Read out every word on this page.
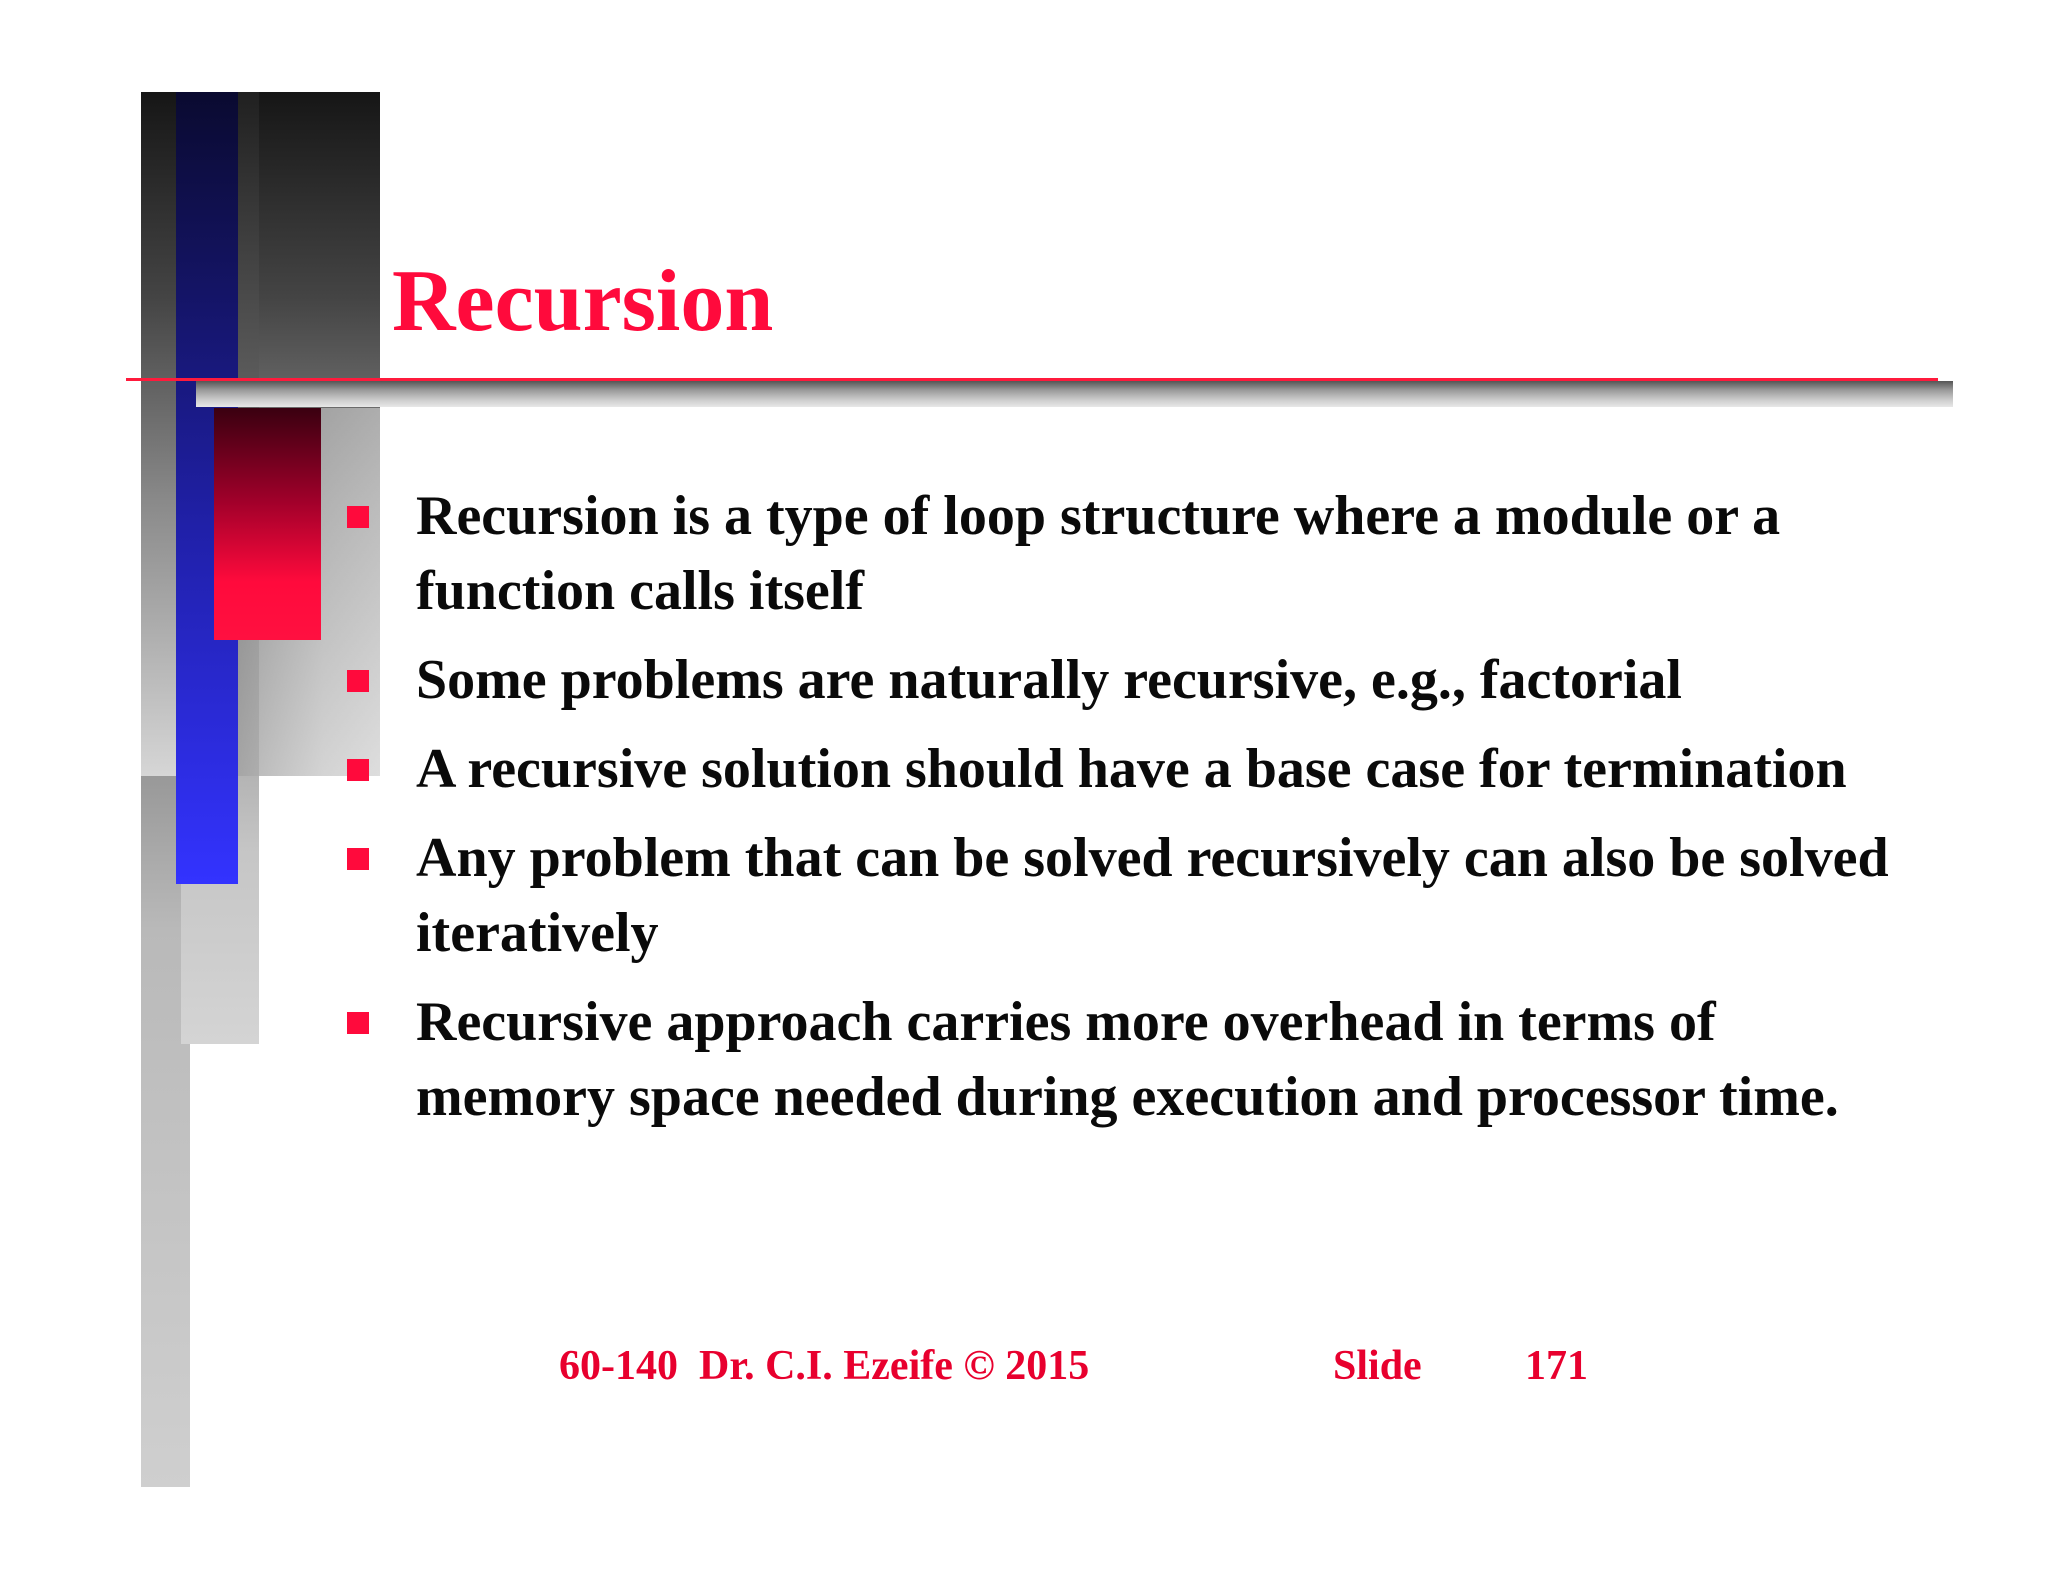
Recursion
Recursion is a type of loop structure where a module or a function calls itself
Some problems are naturally recursive, e.g., factorial
A recursive solution should have a base case for termination
Any problem that can be solved recursively can also be solved iteratively
Recursive approach carries more overhead in terms of memory space needed during execution and processor time.
60-140  Dr. C.I. Ezeife © 2015	Slide 171
